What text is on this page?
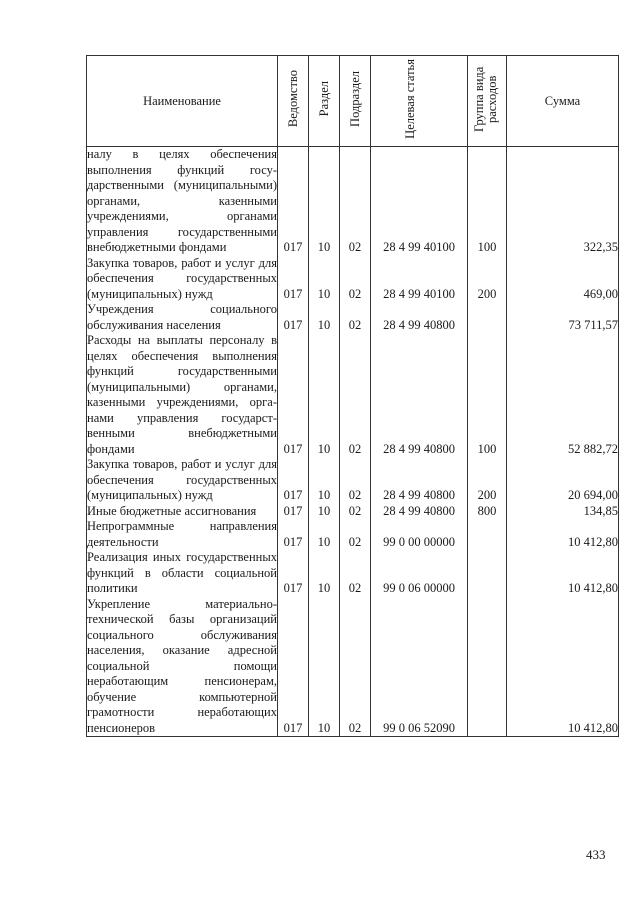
Наименование	Ведомство	Раздел	Подраздел	Целевая статья	Группа вида расходов	Сумма
налу в целях обеспечения выполнения функций государственными (муниципальными) органами, казенными учреждениями, органами управления государственными внебюджетными фондами	017	10	02	28 4 99 40100	100	322,35
Закупка товаров, работ и услуг для обеспечения государственных (муниципальных) нужд	017	10	02	28 4 99 40100	200	469,00
Учреждения социального обслуживания населения	017	10	02	28 4 99 40800		73 711,57
Расходы на выплаты персоналу в целях обеспечения выполнения функций государственными (муниципальными) органами, казенными учреждениями, органами управления государственными внебюджетными фондами	017	10	02	28 4 99 40800	100	52 882,72
Закупка товаров, работ и услуг для обеспечения государственных (муниципальных) нужд	017	10	02	28 4 99 40800	200	20 694,00
Иные бюджетные ассигнования	017	10	02	28 4 99 40800	800	134,85
Непрограммные направления деятельности	017	10	02	99 0 00 00000		10 412,80
Реализация иных государственных функций в области социальной политики	017	10	02	99 0 06 00000		10 412,80
Укрепление материально-технической базы организаций социального обслуживания населения, оказание адресной социальной помощи неработающим пенсионерам, обучение компьютерной грамотности неработающих пенсионеров	017	10	02	99 0 06 52090		10 412,80
433
